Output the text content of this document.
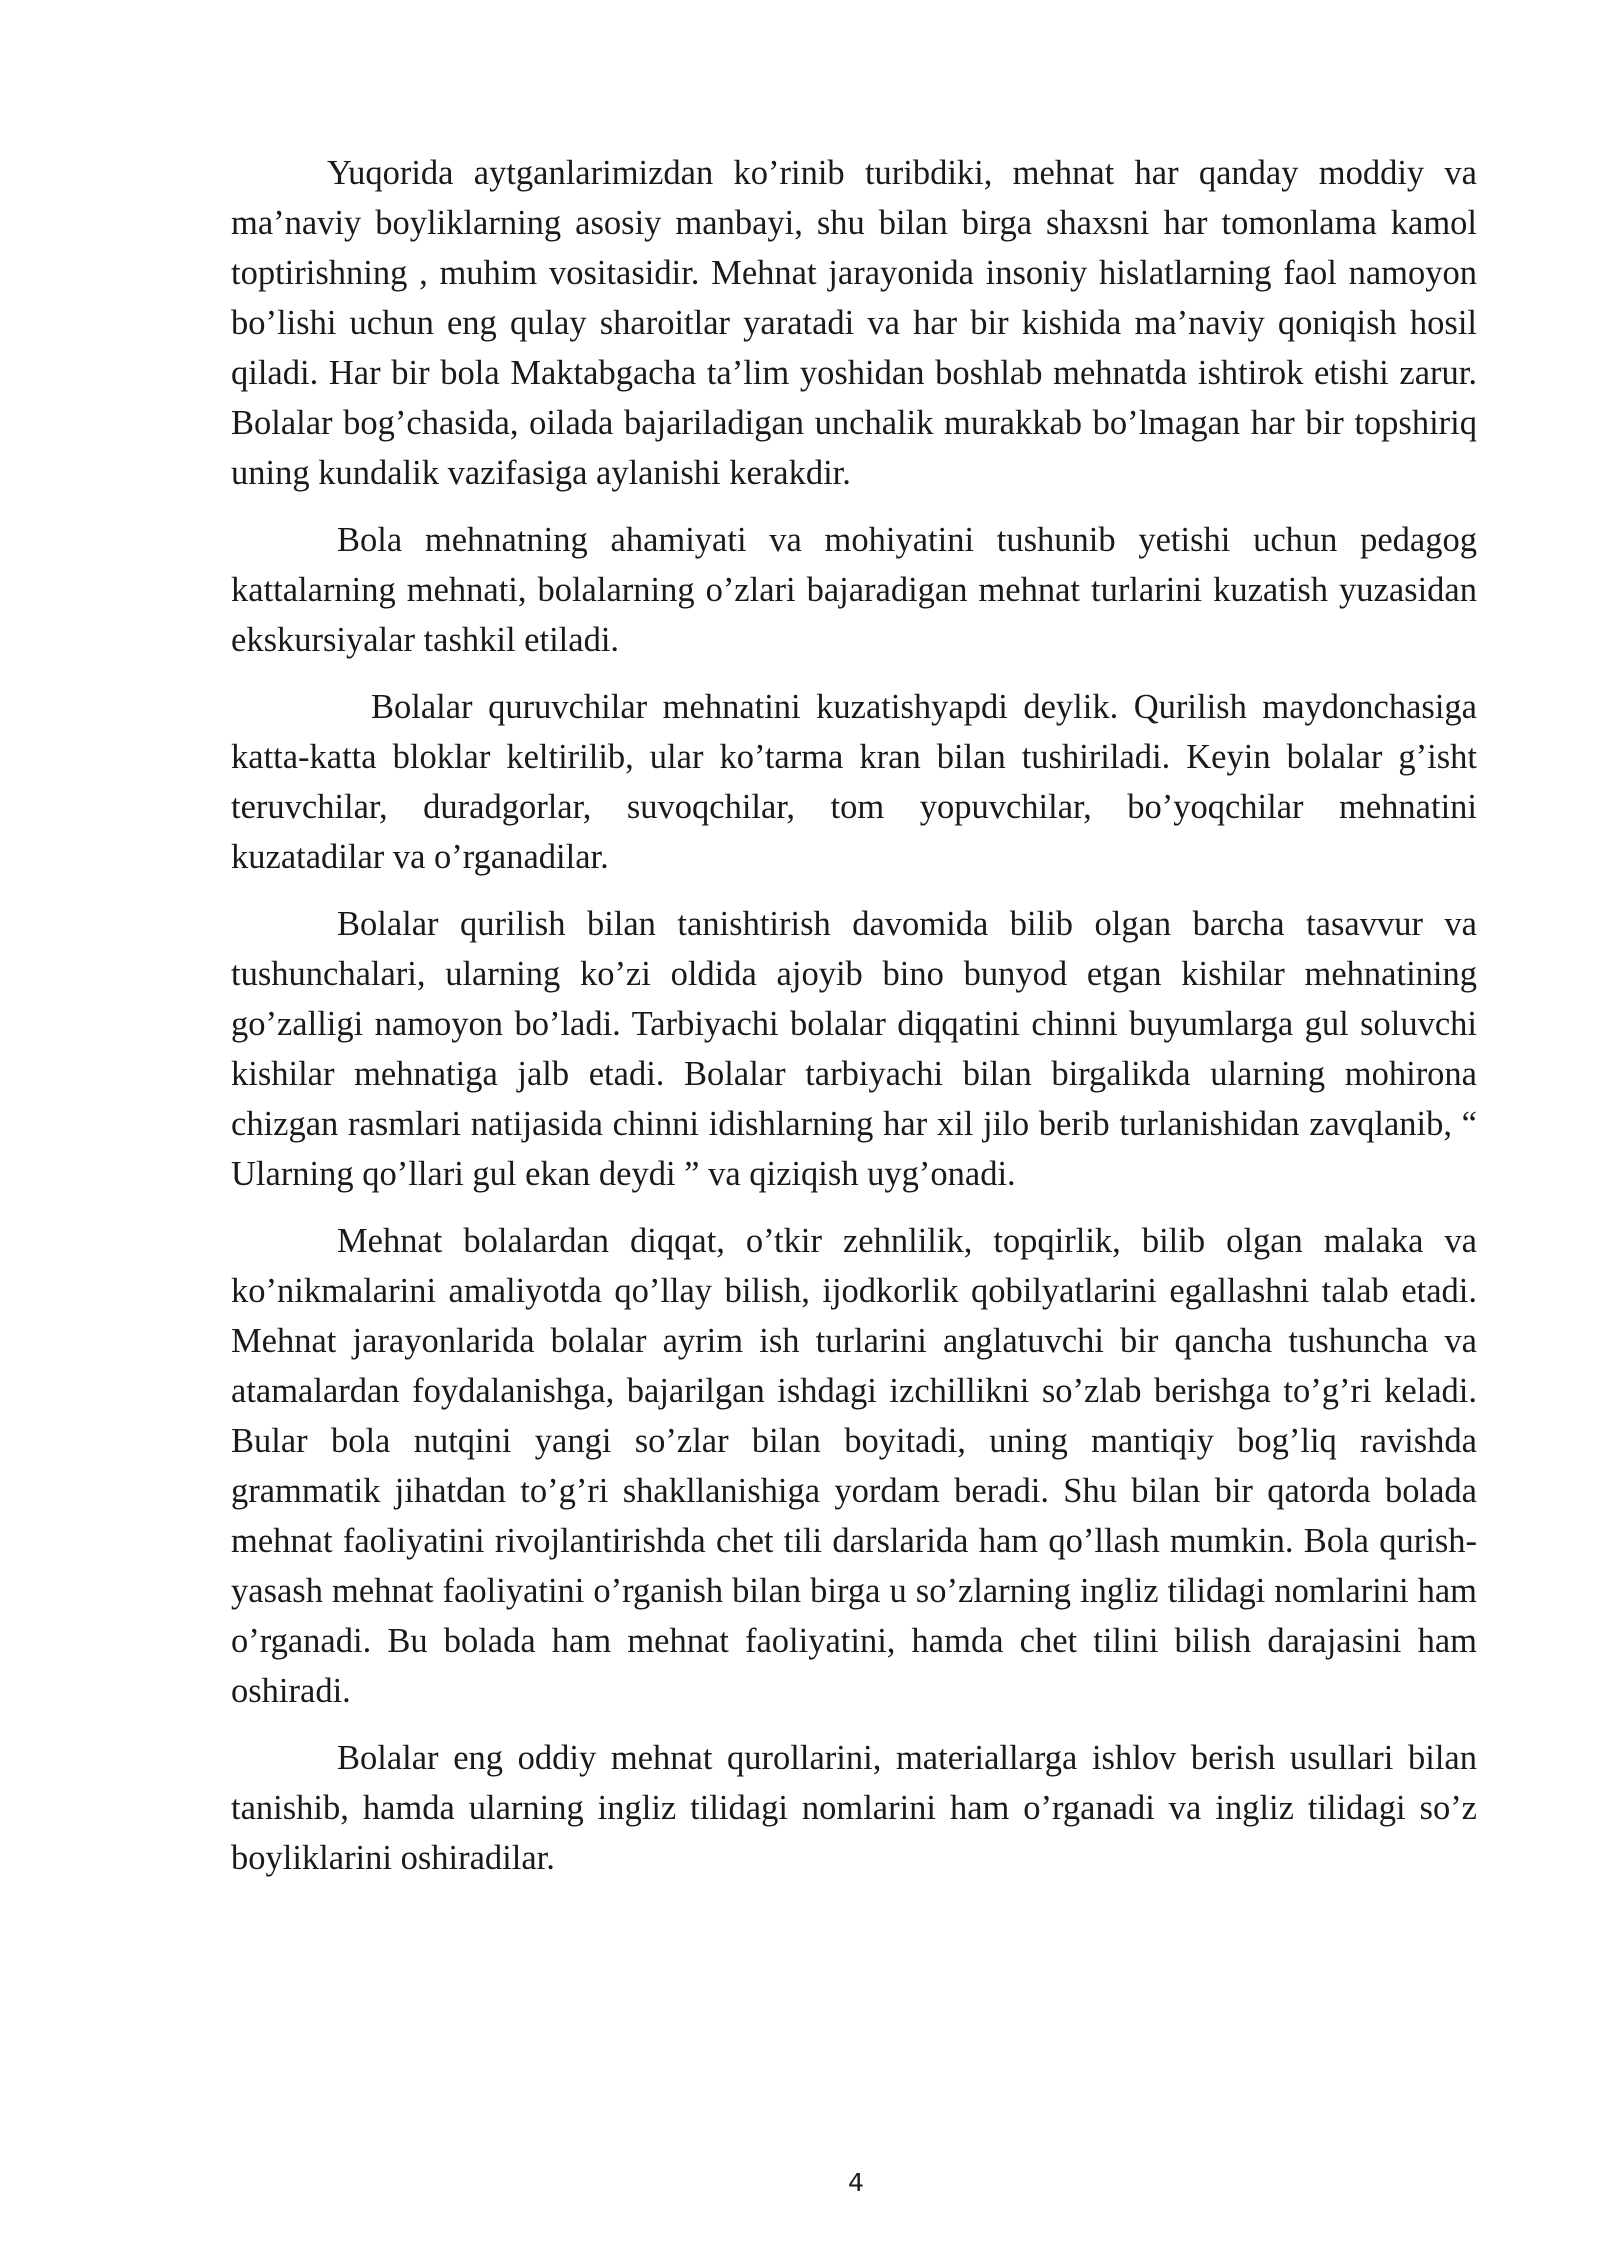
Yuqorida aytganlarimizdan ko’rinib turibdiki, mehnat har qanday moddiy va ma’naviy boyliklarning asosiy manbayi, shu bilan birga shaxsni har tomonlama kamol toptirishning , muhim vositasidir. Mehnat jarayonida insoniy hislatlarning faol namoyon bo’lishi uchun eng qulay sharoitlar yaratadi va har bir kishida ma’naviy qoniqish hosil qiladi. Har bir bola Maktabgacha ta’lim yoshidan boshlab mehnatda ishtirok etishi zarur. Bolalar bog’chasida, oilada bajariladigan unchalik murakkab bo’lmagan har bir topshiriq uning kundalik vazifasiga aylanishi kerakdir.

Bola mehnatning ahamiyati va mohiyatini tushunib yetishi uchun pedagog kattalarning mehnati, bolalarning o’zlari bajaradigan mehnat turlarini kuzatish yuzasidan ekskursiyalar tashkil etiladi.

Bolalar quruvchilar mehnatini kuzatishyapdi deylik. Qurilish maydonchasiga katta-katta bloklar keltirilib, ular ko’tarma kran bilan tushiriladi. Keyin bolalar g’isht teruvchilar, duradgorlar, suvoqchilar, tom yopuvchilar, bo’yoqchilar mehnatini kuzatadilar va o’rganadilar.

Bolalar qurilish bilan tanishtirish davomida bilib olgan barcha tasavvur va tushunchalari, ularning ko’zi oldida ajoyib bino bunyod etgan kishilar mehnatining go’zalligi namoyon bo’ladi. Tarbiyachi bolalar diqqatini chinni buyumlarga gul soluvchi kishilar mehnatiga jalb etadi. Bolalar tarbiyachi bilan birgalikda ularning mohirona chizgan rasmlari natijasida chinni idishlarning har xil jilo berib turlanishidan zavqlanib, “ Ularning qo’llari gul ekan deydi ” va qiziqish uyg’onadi.

Mehnat bolalardan diqqat, o’tkir zehnlilik, topqirlik, bilib olgan malaka va ko’nikmalarini amaliyotda qo’llay bilish, ijodkorlik qobilyatlarini egallashni talab etadi. Mehnat jarayonlarida bolalar ayrim ish turlarini anglatuvchi bir qancha tushuncha va atamalardan foydalanishga, bajarilgan ishdagi izchillikni so’zlab berishga to’g’ri keladi. Bular bola nutqini yangi so’zlar bilan boyitadi, uning mantiqiy bog’liq ravishda grammatik jihatdan to’g’ri shakllanishiga yordam beradi. Shu bilan bir qatorda bolada mehnat faoliyatini rivojlantirishda chet tili darslarida ham qo’llash mumkin. Bola qurish-yasash mehnat faoliyatini o’rganish bilan birga u so’zlarning ingliz tilidagi nomlarini ham o’rganadi. Bu bolada ham mehnat faoliyatini, hamda chet tilini bilish darajasini ham oshiradi.

Bolalar eng oddiy mehnat qurollarini, materiallarga ishlov berish usullari bilan tanishib, hamda ularning ingliz tilidagi nomlarini ham o’rganadi va ingliz tilidagi so’z boyliklarini oshiradilar.

4
